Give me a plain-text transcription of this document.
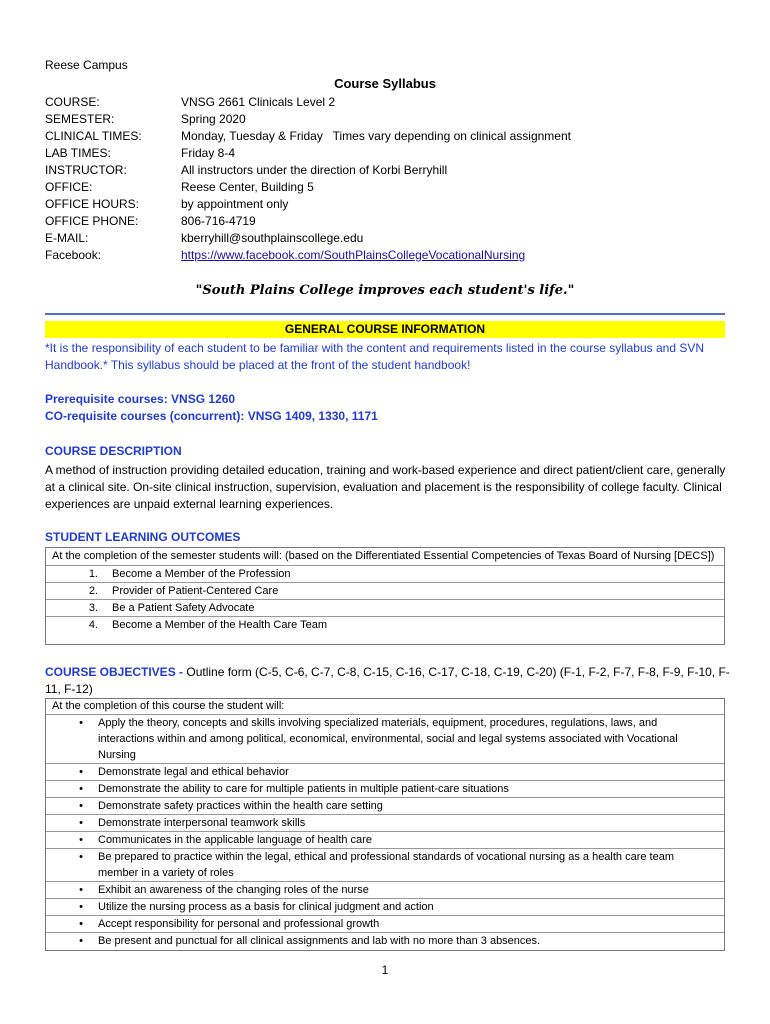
Reese Campus
Course Syllabus
COURSE:	VNSG 2661 Clinicals Level 2
SEMESTER:	Spring 2020
CLINICAL TIMES:	Monday, Tuesday & Friday   Times vary depending on clinical assignment
LAB TIMES:	Friday 8-4
INSTRUCTOR:	All instructors under the direction of Korbi Berryhill
OFFICE:	Reese Center, Building 5
OFFICE HOURS:	by appointment only
OFFICE PHONE:	806-716-4719
E-MAIL:	kberryhill@southplainscollege.edu
Facebook:	https://www.facebook.com/SouthPlainsCollegeVocationalNursing
"South Plains College improves each student's life."
GENERAL COURSE INFORMATION
*It is the responsibility of each student to be familiar with the content and requirements listed in the course syllabus and SVN Handbook.* This syllabus should be placed at the front of the student handbook!
Prerequisite courses: VNSG 1260
CO-requisite courses (concurrent): VNSG 1409, 1330, 1171
COURSE DESCRIPTION
A method of instruction providing detailed education, training and work-based experience and direct patient/client care, generally at a clinical site. On-site clinical instruction, supervision, evaluation and placement is the responsibility of college faculty. Clinical experiences are unpaid external learning experiences.
STUDENT LEARNING OUTCOMES
At the completion of the semester students will: (based on the Differentiated Essential Competencies of Texas Board of Nursing [DECS])
1.	Become a Member of the Profession
2.	Provider of Patient-Centered Care
3.	Be a Patient Safety Advocate
4.	Become a Member of the Health Care Team
COURSE OBJECTIVES - Outline form (C-5, C-6, C-7, C-8, C-15, C-16, C-17, C-18, C-19, C-20) (F-1, F-2, F-7, F-8, F-9, F-10, F-11, F-12)
At the completion of this course the student will:
•	Apply the theory, concepts and skills involving specialized materials, equipment, procedures, regulations, laws, and interactions within and among political, economical, environmental, social and legal systems associated with Vocational Nursing
•	Demonstrate legal and ethical behavior
•	Demonstrate the ability to care for multiple patients in multiple patient-care situations
•	Demonstrate safety practices within the health care setting
•	Demonstrate interpersonal teamwork skills
•	Communicates in the applicable language of health care
•	Be prepared to practice within the legal, ethical and professional standards of vocational nursing as a health care team member in a variety of roles
•	Exhibit an awareness of the changing roles of the nurse
•	Utilize the nursing process as a basis for clinical judgment and action
•	Accept responsibility for personal and professional growth
•	Be present and punctual for all clinical assignments and lab with no more than 3 absences.
1
